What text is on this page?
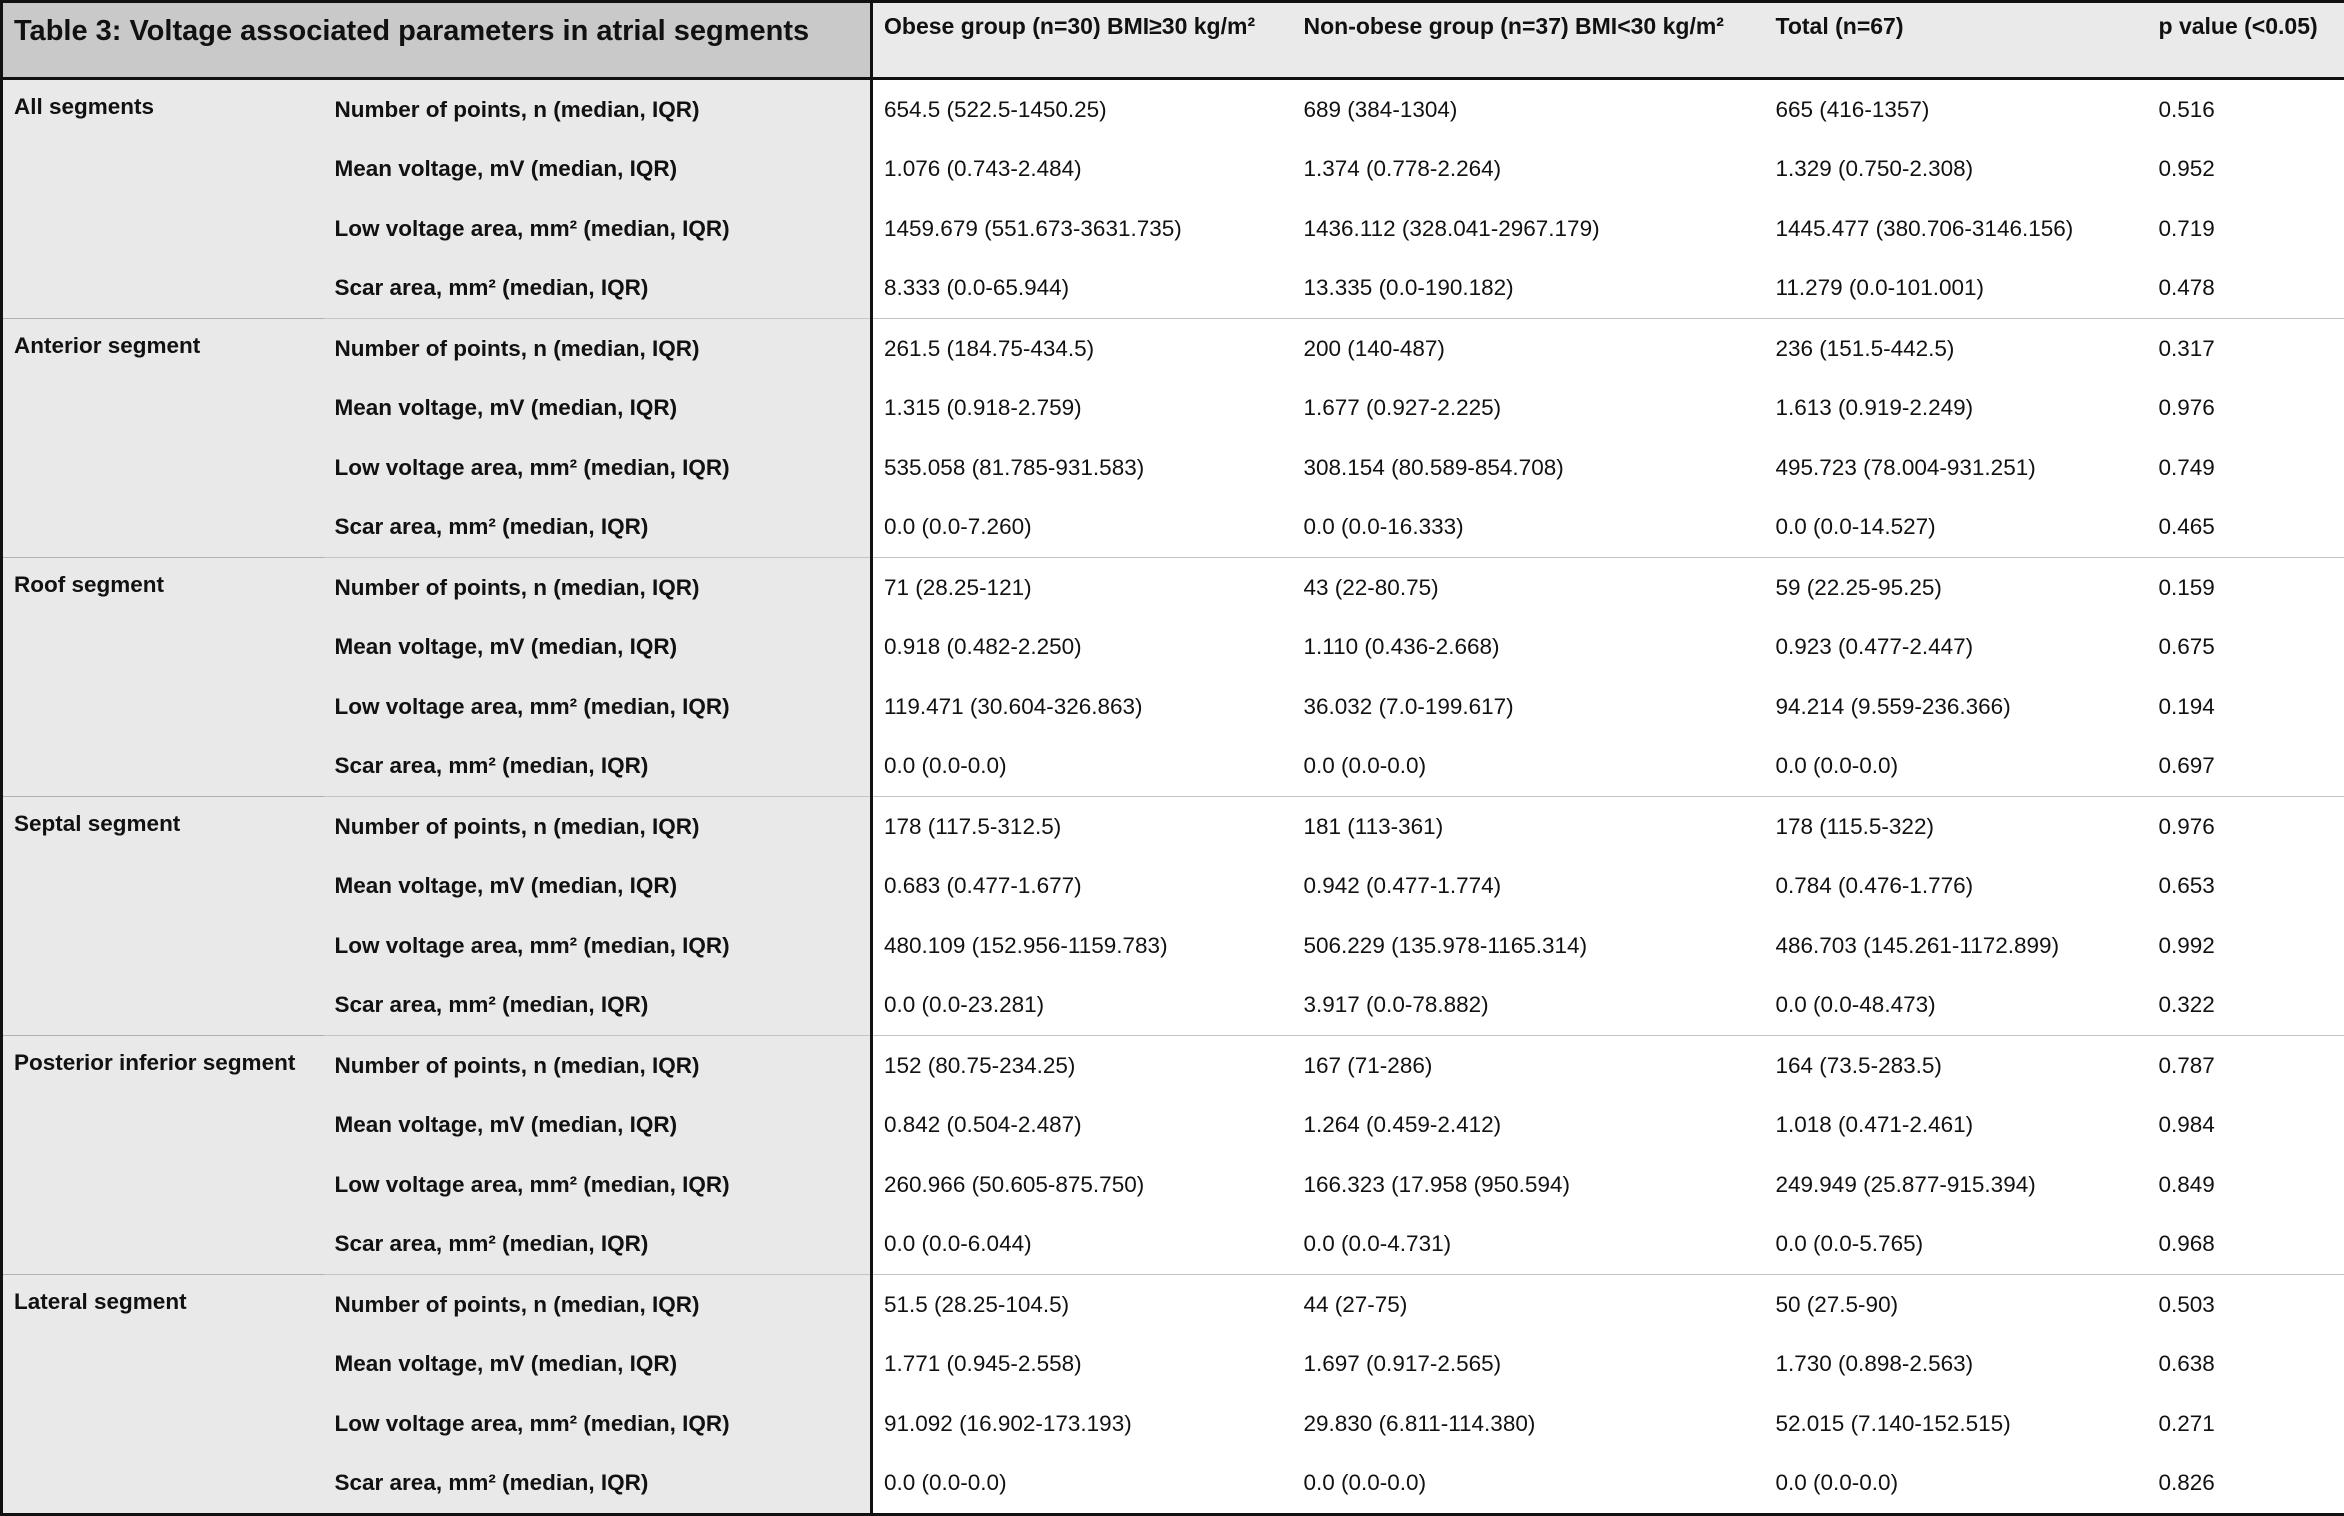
Table 3: Voltage associated parameters in atrial segments		Obese group (n=30) BMI≥30 kg/m²	Non-obese group (n=37) BMI<30 kg/m²	Total (n=67)	p value (<0.05)
All segments	Number of points, n (median, IQR)	654.5 (522.5-1450.25)	689 (384-1304)	665 (416-1357)	0.516
	Mean voltage, mV (median, IQR)	1.076 (0.743-2.484)	1.374 (0.778-2.264)	1.329 (0.750-2.308)	0.952
	Low voltage area, mm² (median, IQR)	1459.679 (551.673-3631.735)	1436.112 (328.041-2967.179)	1445.477 (380.706-3146.156)	0.719
	Scar area, mm² (median, IQR)	8.333 (0.0-65.944)	13.335 (0.0-190.182)	11.279 (0.0-101.001)	0.478
Anterior segment	Number of points, n (median, IQR)	261.5 (184.75-434.5)	200 (140-487)	236 (151.5-442.5)	0.317
	Mean voltage, mV (median, IQR)	1.315 (0.918-2.759)	1.677 (0.927-2.225)	1.613 (0.919-2.249)	0.976
	Low voltage area, mm² (median, IQR)	535.058 (81.785-931.583)	308.154 (80.589-854.708)	495.723 (78.004-931.251)	0.749
	Scar area, mm² (median, IQR)	0.0 (0.0-7.260)	0.0 (0.0-16.333)	0.0 (0.0-14.527)	0.465
Roof segment	Number of points, n (median, IQR)	71 (28.25-121)	43 (22-80.75)	59 (22.25-95.25)	0.159
	Mean voltage, mV (median, IQR)	0.918 (0.482-2.250)	1.110 (0.436-2.668)	0.923 (0.477-2.447)	0.675
	Low voltage area, mm² (median, IQR)	119.471 (30.604-326.863)	36.032 (7.0-199.617)	94.214 (9.559-236.366)	0.194
	Scar area, mm² (median, IQR)	0.0 (0.0-0.0)	0.0 (0.0-0.0)	0.0 (0.0-0.0)	0.697
Septal segment	Number of points, n (median, IQR)	178 (117.5-312.5)	181 (113-361)	178 (115.5-322)	0.976
	Mean voltage, mV (median, IQR)	0.683 (0.477-1.677)	0.942 (0.477-1.774)	0.784 (0.476-1.776)	0.653
	Low voltage area, mm² (median, IQR)	480.109 (152.956-1159.783)	506.229 (135.978-1165.314)	486.703 (145.261-1172.899)	0.992
	Scar area, mm² (median, IQR)	0.0 (0.0-23.281)	3.917 (0.0-78.882)	0.0 (0.0-48.473)	0.322
Posterior inferior segment	Number of points, n (median, IQR)	152 (80.75-234.25)	167 (71-286)	164 (73.5-283.5)	0.787
	Mean voltage, mV (median, IQR)	0.842 (0.504-2.487)	1.264 (0.459-2.412)	1.018 (0.471-2.461)	0.984
	Low voltage area, mm² (median, IQR)	260.966 (50.605-875.750)	166.323 (17.958 (950.594)	249.949 (25.877-915.394)	0.849
	Scar area, mm² (median, IQR)	0.0 (0.0-6.044)	0.0 (0.0-4.731)	0.0 (0.0-5.765)	0.968
Lateral segment	Number of points, n (median, IQR)	51.5 (28.25-104.5)	44 (27-75)	50 (27.5-90)	0.503
	Mean voltage, mV (median, IQR)	1.771 (0.945-2.558)	1.697 (0.917-2.565)	1.730 (0.898-2.563)	0.638
	Low voltage area, mm² (median, IQR)	91.092 (16.902-173.193)	29.830 (6.811-114.380)	52.015 (7.140-152.515)	0.271
	Scar area, mm² (median, IQR)	0.0 (0.0-0.0)	0.0 (0.0-0.0)	0.0 (0.0-0.0)	0.826
